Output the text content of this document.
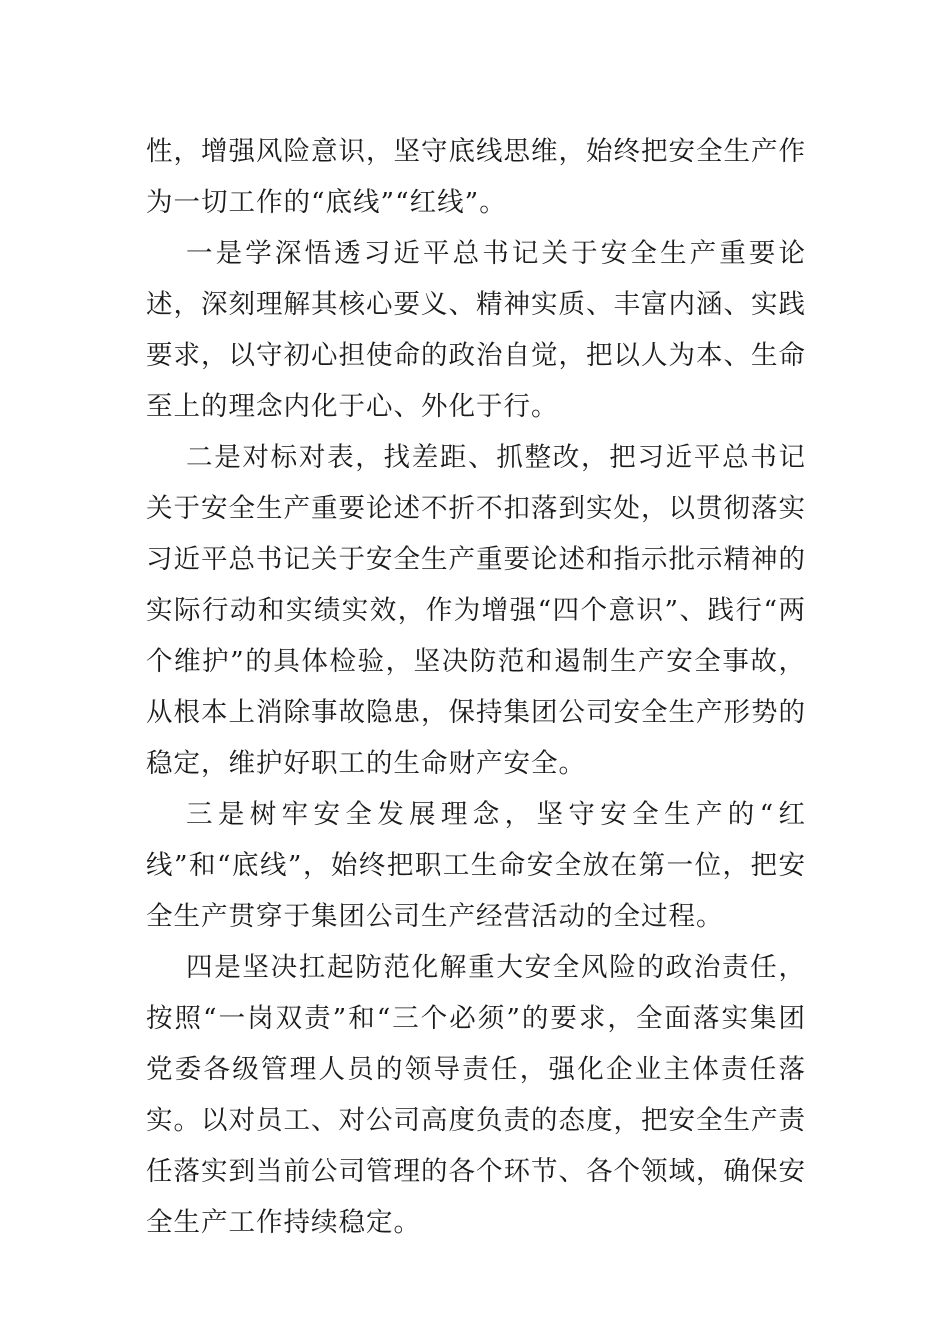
性，增强风险意识，坚守底线思维，始终把安全生产作为一切工作的“底线”“红线”。

一是学深悟透习近平总书记关于安全生产重要论述，深刻理解其核心要义、精神实质、丰富内涵、实践要求，以守初心担使命的政治自觉，把以人为本、生命至上的理念内化于心、外化于行。

二是对标对表，找差距、抓整改，把习近平总书记关于安全生产重要论述不折不扣落到实处，以贯彻落实习近平总书记关于安全生产重要论述和指示批示精神的实际行动和实绩实效，作为增强“四个意识”、践行“两个维护”的具体检验，坚决防范和遏制生产安全事故，从根本上消除事故隐患，保持集团公司安全生产形势的稳定，维护好职工的生命财产安全。

三是树牢安全发展理念，坚守安全生产的“红线”和“底线”，始终把职工生命安全放在第一位，把安全生产贯穿于集团公司生产经营活动的全过程。

四是坚决扛起防范化解重大安全风险的政治责任，按照“一岗双责”和“三个必须”的要求，全面落实集团党委各级管理人员的领导责任，强化企业主体责任落实。以对员工、对公司高度负责的态度，把安全生产责任落实到当前公司管理的各个环节、各个领域，确保安全生产工作持续稳定。
